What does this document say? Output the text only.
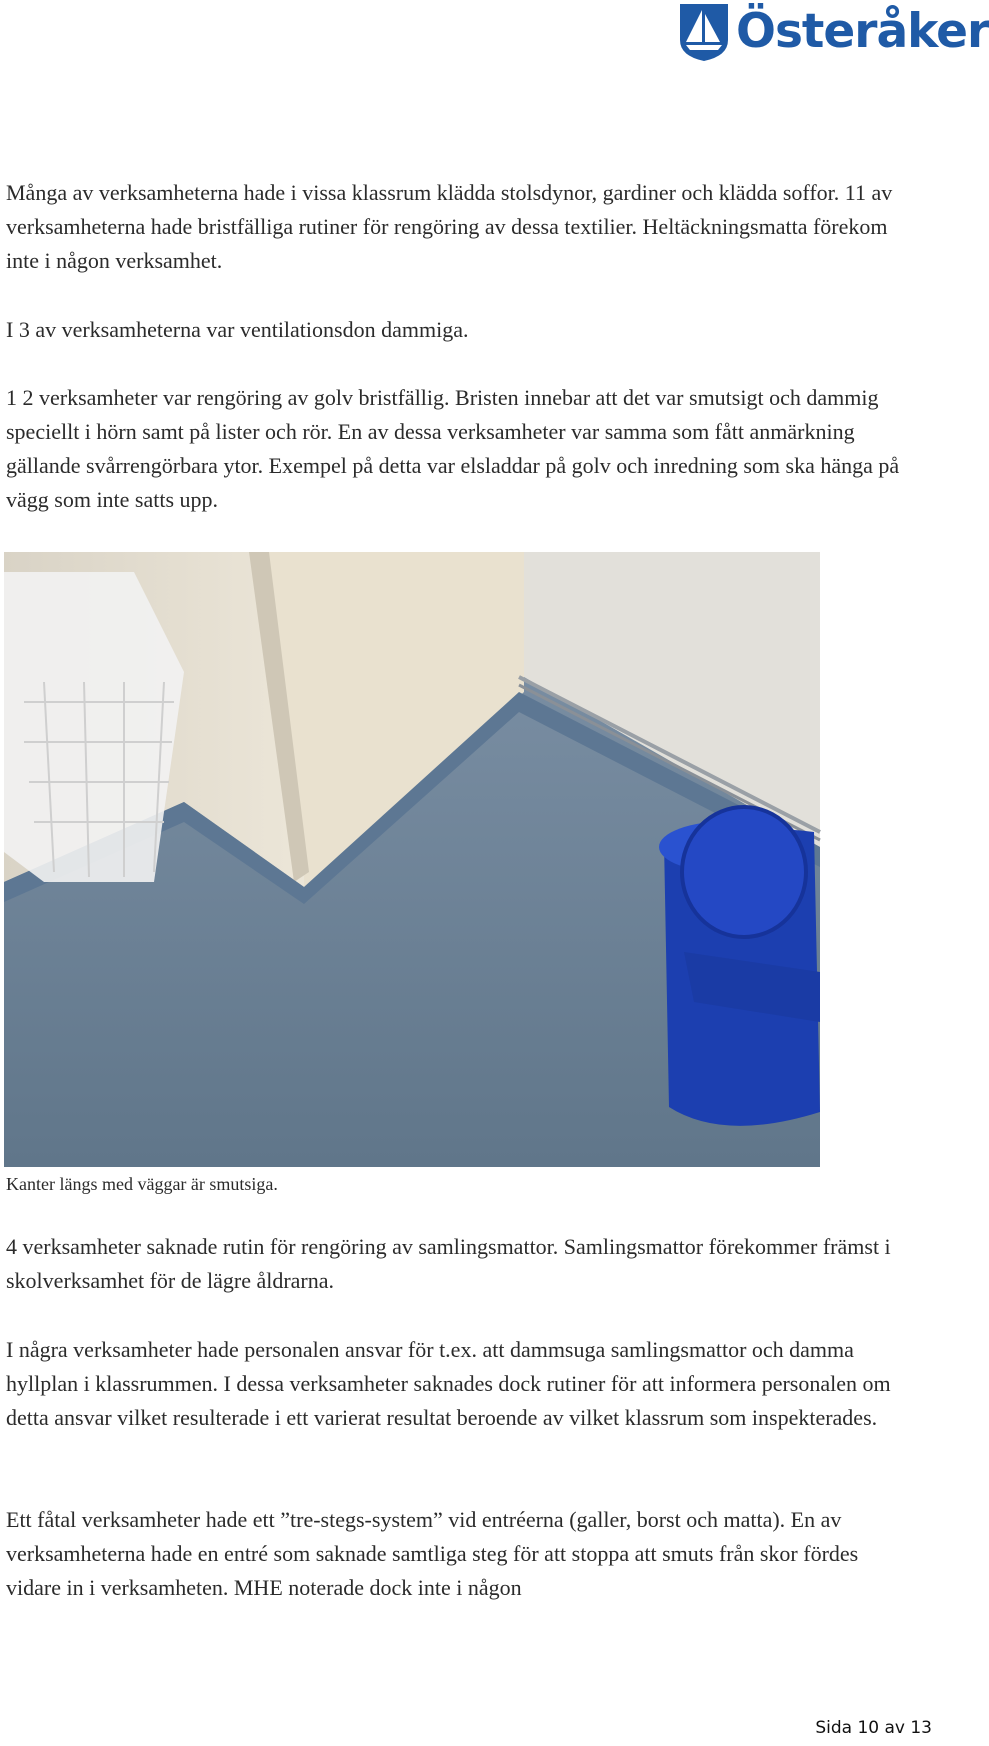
Österåker

Många av verksamheterna hade i vissa klassrum klädda stolsdynor, gardiner och klädda soffor. 11 av verksamheterna hade bristfälliga rutiner för rengöring av dessa textilier. Heltäckningsmatta förekom inte i någon verksamhet.

I 3 av verksamheterna var ventilationsdon dammiga.

1 2 verksamheter var rengöring av golv bristfällig. Bristen innebar att det var smutsigt och dammig speciellt i hörn samt på lister och rör. En av dessa verksamheter var samma som fått anmärkning gällande svårrengörbara ytor. Exempel på detta var elsladdar på golv och inredning som ska hänga på vägg som inte satts upp.

Kanter längs med väggar är smutsiga.

4 verksamheter saknade rutin för rengöring av samlingsmattor. Samlingsmattor förekommer främst i skolverksamhet för de lägre åldrarna.

I några verksamheter hade personalen ansvar för t.ex. att dammsuga samlingsmattor och damma hyllplan i klassrummen. I dessa verksamheter saknades dock rutiner för att informera personalen om detta ansvar vilket resulterade i ett varierat resultat beroende av vilket klassrum som inspekterades.

Ett fåtal verksamheter hade ett ”tre-stegs-system” vid entréerna (galler, borst och matta). En av verksamheterna hade en entré som saknade samtliga steg för att stoppa att smuts från skor fördes vidare in i verksamheten. MHE noterade dock inte i någon

Sida 10 av 13
